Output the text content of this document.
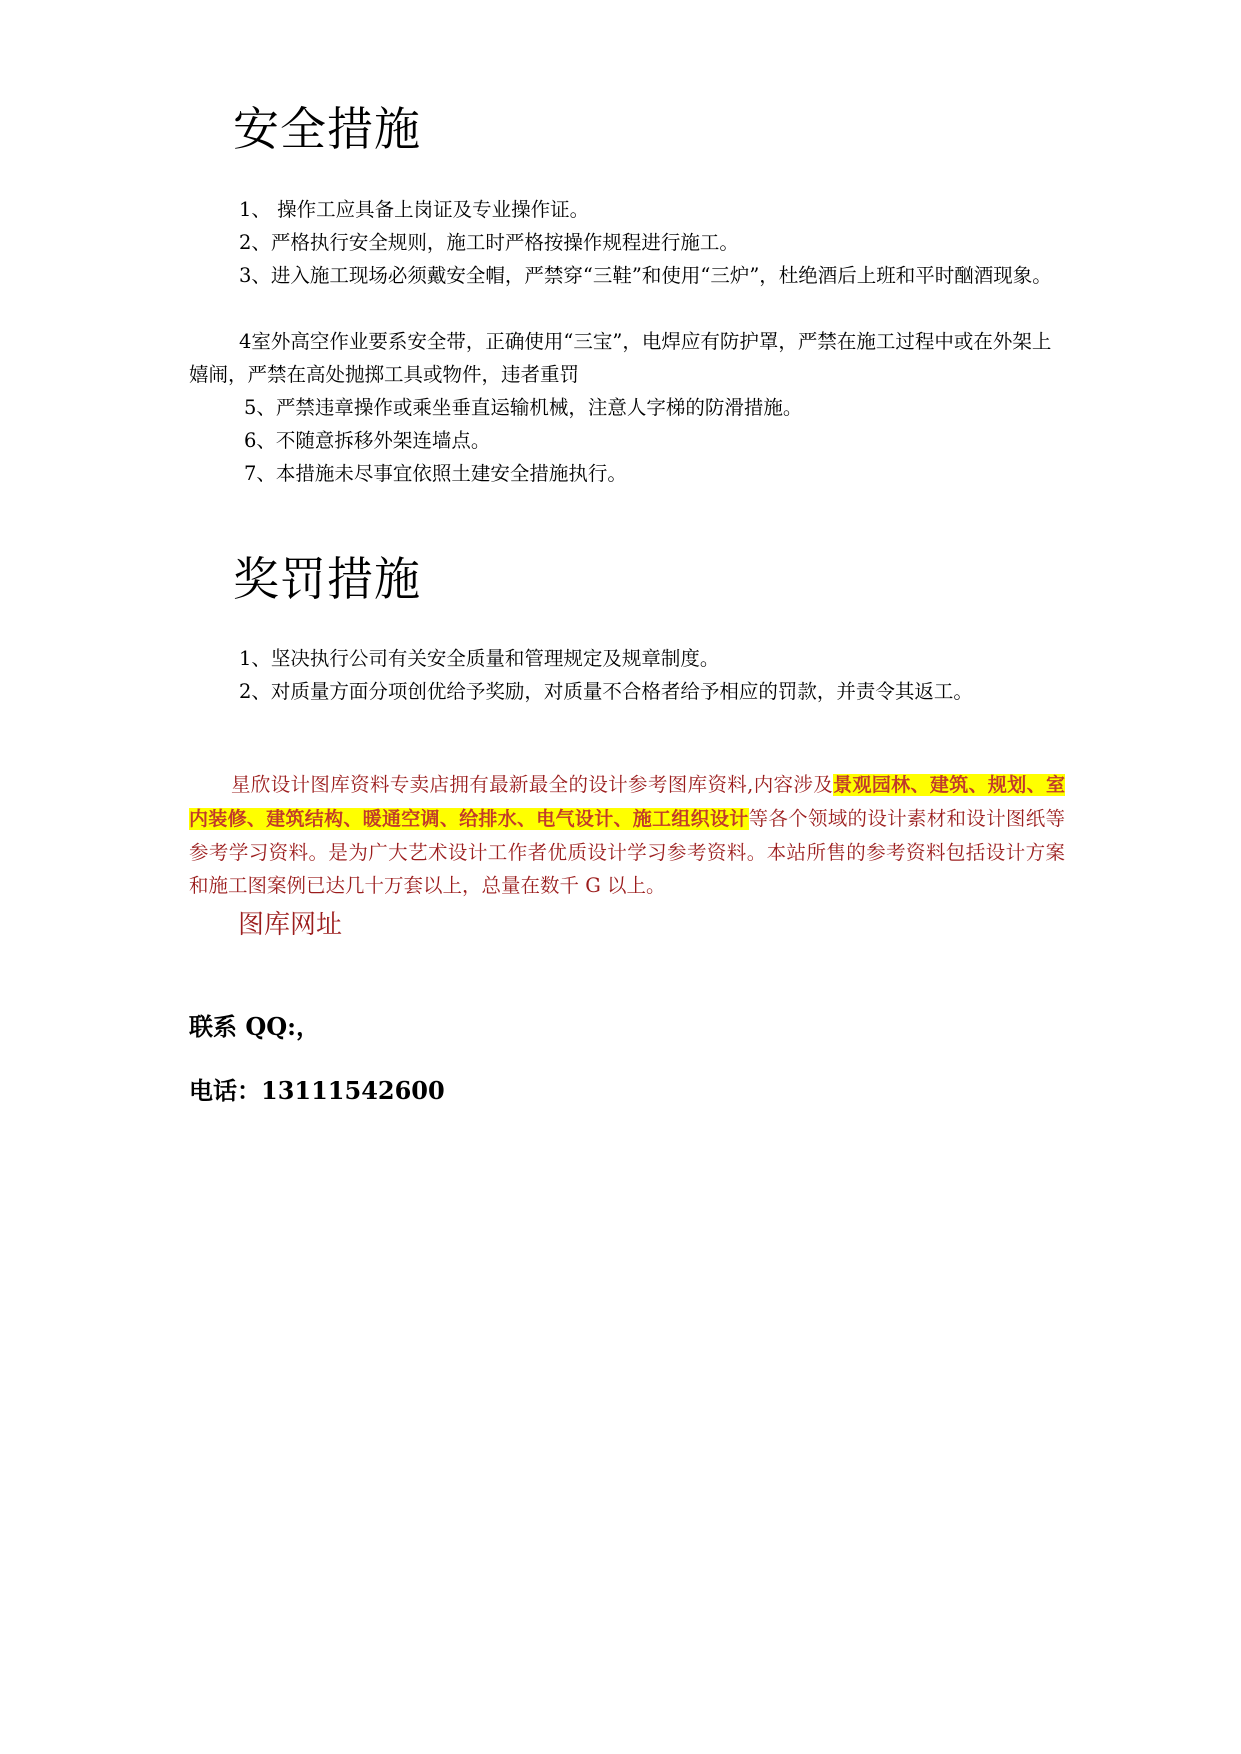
安全措施

1、 操作工应具备上岗证及专业操作证。

2、严格执行安全规则，施工时严格按操作规程进行施工。

3、进入施工现场必须戴安全帽，严禁穿“三鞋”和使用“三炉”，杜绝酒后上班和平时酗酒现象。

4室外高空作业要系安全带，正确使用“三宝”，电焊应有防护罩，严禁在施工过程中或在外架上嬉闹，严禁在高处抛掷工具或物件，违者重罚

5、严禁违章操作或乘坐垂直运输机械，注意人字梯的防滑措施。

6、不随意拆移外架连墙点。

7、本措施未尽事宜依照土建安全措施执行。

奖罚措施

1、坚决执行公司有关安全质量和管理规定及规章制度。

2、对质量方面分项创优给予奖励，对质量不合格者给予相应的罚款，并责令其返工。

星欣设计图库资料专卖店拥有最新最全的设计参考图库资料,内容涉及景观园林、建筑、规划、室内装修、建筑结构、暖通空调、给排水、电气设计、施工组织设计等各个领域的设计素材和设计图纸等参考学习资料。是为广大艺术设计工作者优质设计学习参考资料。本站所售的参考资料包括设计方案和施工图案例已达几十万套以上，总量在数千 G 以上。

图库网址

联系 QQ:，

电话：13111542600
